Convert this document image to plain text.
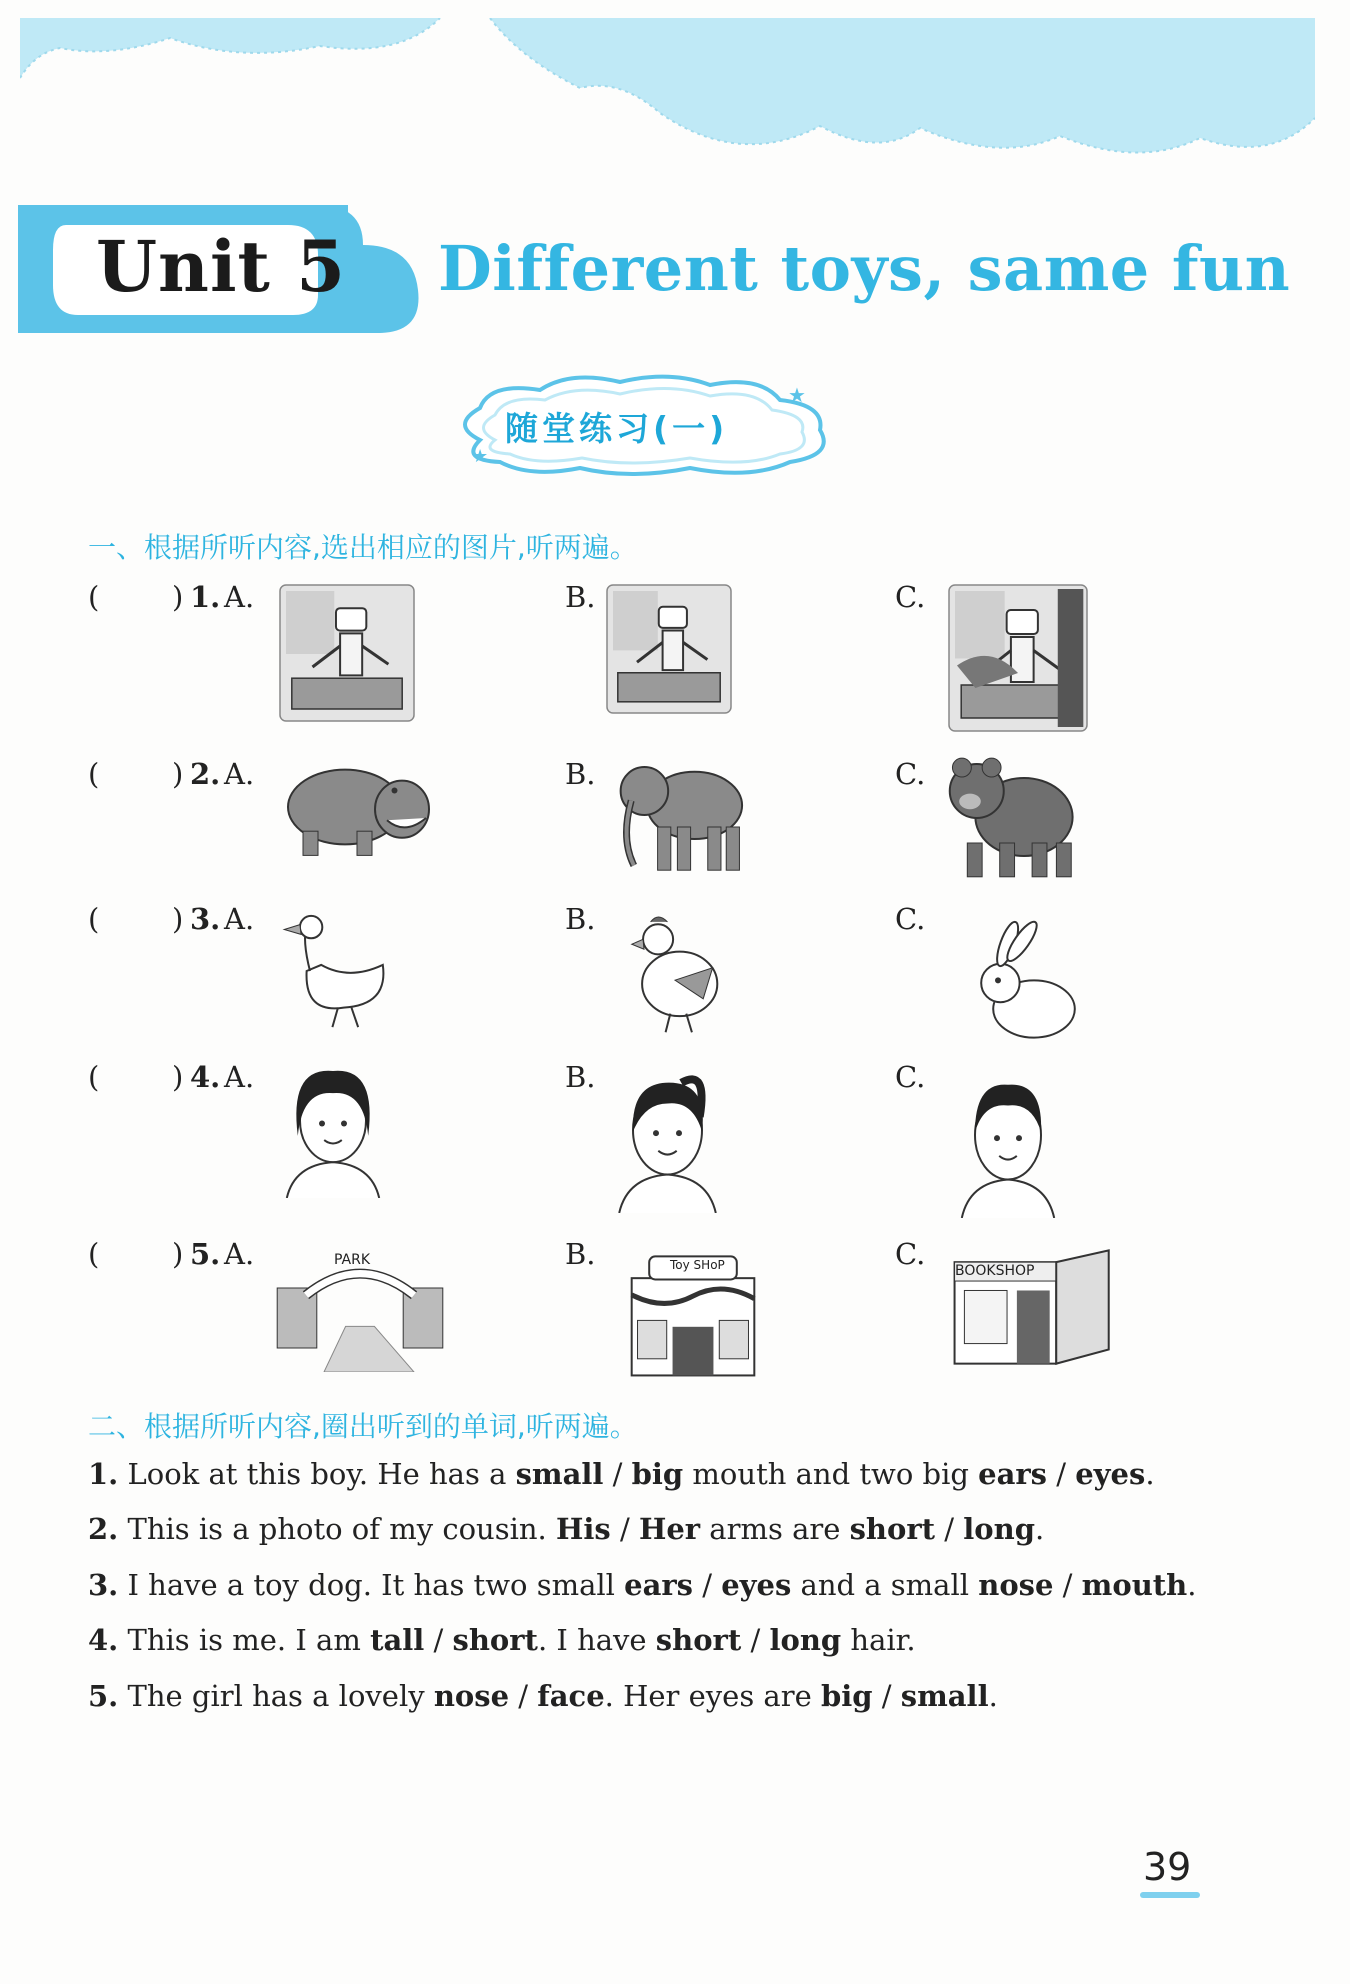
Unit 5 Different toys, same fun
★
★
随堂练习(一)
一、根据所听内容,选出相应的图片,听两遍。
(	) 1. A.	B.	C.
(	) 2. A.	B.	C.
(	) 3. A.	B.	C.
(	) 4. A.	B.	C.
(	) 5. A.	B.	C.
PARK	Toy SHoP	BOOKSHOP
二、根据所听内容,圈出听到的单词,听两遍。
1. Look at this boy. He has a small / big mouth and two big ears / eyes.
2. This is a photo of my cousin. His / Her arms are short / long.
3. I have a toy dog. It has two small ears / eyes and a small nose / mouth.
4. This is me. I am tall / short. I have short / long hair.
5. The girl has a lovely nose / face. Her eyes are big / small.
39
